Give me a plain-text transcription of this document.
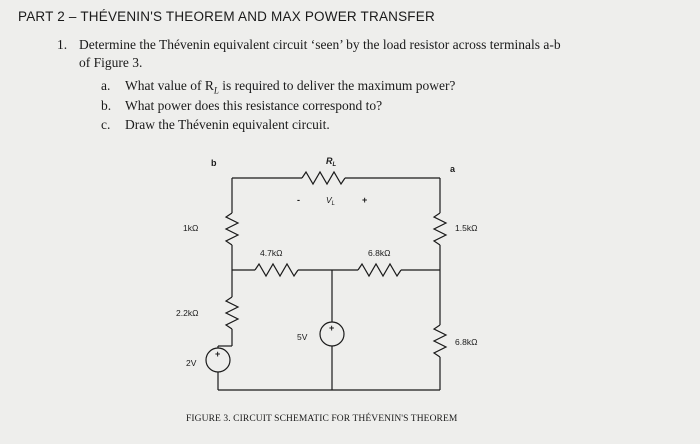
PART 2 – THÉVENIN'S THEOREM AND MAX POWER TRANSFER
1. Determine the Thévenin equivalent circuit ‘seen’ by the load resistor across terminals a-b
of Figure 3.
a. What value of $R_L$ is required to deliver the maximum power?
b. What power does this resistance correspond to?
c. Draw the Thévenin equivalent circuit.
b
a
$R_L$
$V_L$
-	+
1kΩ
2.2kΩ
4.7kΩ	6.8kΩ
1.5kΩ
6.8kΩ
5V
+
2V
+
FIGURE 3. CIRCUIT SCHEMATIC FOR THÉVENIN'S THEOREM
